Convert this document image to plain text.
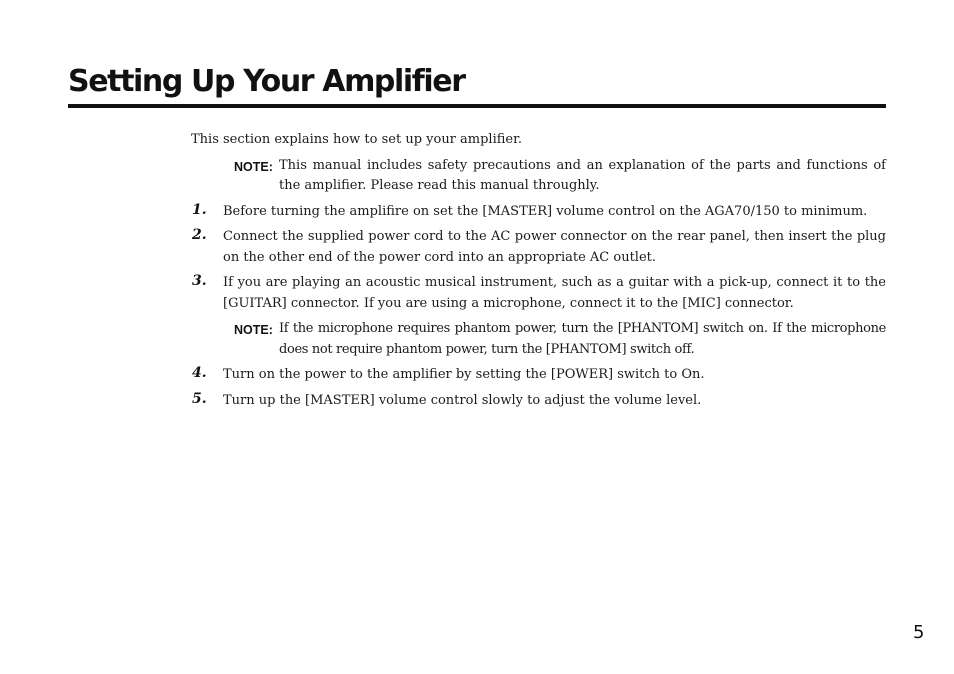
Setting Up Your Amplifier

This section explains how to set up your amplifier.

NOTE: This manual includes safety precautions and an explanation of the parts and functions of the amplifier. Please read this manual throughly.
1. Before turning the amplifire on set the [MASTER] volume control on the AGA70/150 to minimum.
2. Connect the supplied power cord to the AC power connector on the rear panel, then insert the plug on the other end of the power cord into an appropriate AC outlet.
3. If you are playing an acoustic musical instrument, such as a guitar with a pick-up, connect it to the [GUITAR] connector. If you are using a microphone, connect it to the [MIC] connector.
NOTE: If the microphone requires phantom power, turn the [PHANTOM] switch on. If the microphone does not require phantom power, turn the [PHANTOM] switch off.
4. Turn on the power to the amplifier by setting the [POWER] switch to On.
5. Turn up the [MASTER] volume control slowly to adjust the volume level.
5
